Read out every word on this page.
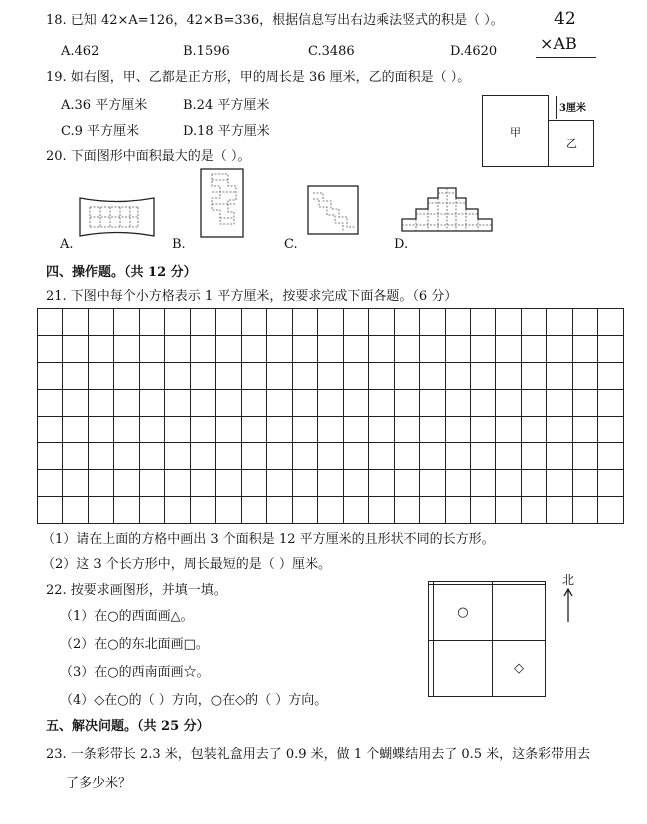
18. 已知 42×A=126，42×B=336，根据信息写出右边乘法竖式的积是（ ）。	42
×AB
A.462	B.1596	C.3486	D.4620
19. 如右图，甲、乙都是正方形，甲的周长是 36 厘米，乙的面积是（ ）。
A.36 平方厘米	B.24 平方厘米
C.9 平方厘米	D.18 平方厘米	甲
乙
3厘米
20. 下面图形中面积最大的是（ ）。
A.	B.	C.	D.
四、操作题。（共 12 分）
21. 下图中每个小方格表示 1 平方厘米，按要求完成下面各题。（6 分）

（1）请在上面的方格中画出 3 个面积是 12 平方厘米的且形状不同的长方形。
（2）这 3 个长方形中，周长最短的是（ ）厘米。
22. 按要求画图形，并填一填。
（1）在○的西面画△。
（2）在○的东北面画□。
（3）在○的西南面画☆。
（4）◇在○的（ ）方向，○在◇的（ ）方向。

	○	
		◇
北
五、解决问题。（共 25 分）
23. 一条彩带长 2.3 米，包装礼盒用去了 0.9 米，做 1 个蝴蝶结用去了 0.5 米，这条彩带用去
了多少米？
